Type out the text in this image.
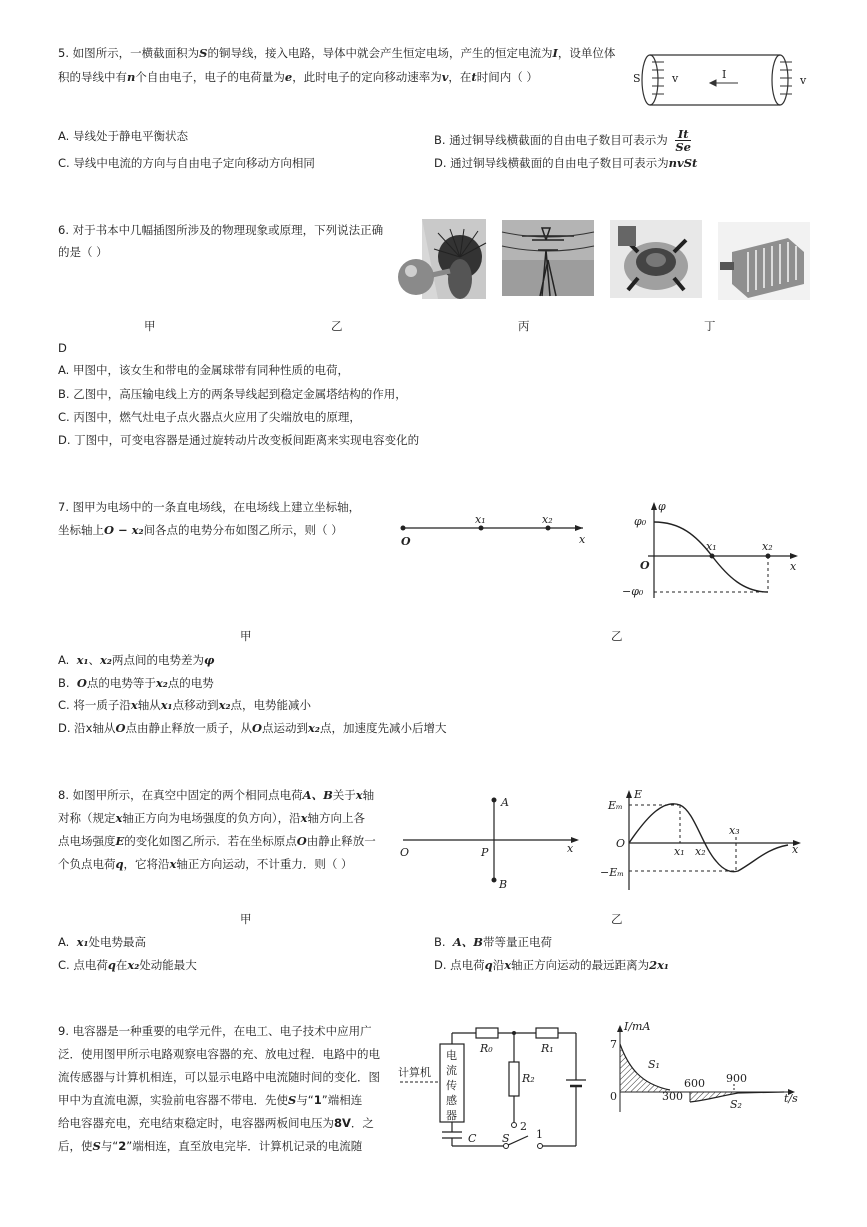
5. 如图所示，一横截面积为S的铜导线，接入电路，导体中就会产生恒定电场，产生的恒定电流为I，设单位体
积的导线中有n个自由电子，电子的电荷量为e，此时电子的定向移动速率为v，在t时间内（ ）	S	v	I	v
A. 导线处于静电平衡状态	B. 通过铜导线横截面的自由电子数目可表示为 $\frac{It}{Se}$
C. 导线中电流的方向与自由电子定向移动方向相同	D. 通过铜导线横截面的自由电子数目可表示为nvSt
6. 对于书本中几幅插图所涉及的物理现象或原理，下列说法正确
的是（ ）
甲	乙	丙	丁
D
A. 甲图中，该女生和带电的金属球带有同种性质的电荷，
B. 乙图中，高压输电线上方的两条导线起到稳定金属塔结构的作用，
C. 丙图中，燃气灶电子点火器点火应用了尖端放电的原理，
D. 丁图中，可变电容器是通过旋转动片改变板间距离来实现电容变化的
7. 图甲为电场中的一条直电场线，在电场线上建立坐标轴，
坐标轴上O − x₂间各点的电势分布如图乙所示，则（ ）
O
x₁	x₂
x
φ
φ₀
O
x₁	x₂
x
−φ₀
甲	乙
A. x₁、x₂两点间的电势差为φ
B. O点的电势等于x₂点的电势
C. 将一质子沿x轴从x₁点移动到x₂点，电势能减小
D. 沿x轴从O点由静止释放一质子，从O点运动到x₂点，加速度先减小后增大
8. 如图甲所示，在真空中固定的两个相同点电荷A、B关于x轴
对称（规定x轴正方向为电场强度的负方向），沿x轴方向上各
点电场强度E的变化如图乙所示．若在坐标原点O由静止释放一
个负点电荷q，它将沿x轴正方向运动，不计重力．则（ ）
A
B
O	P	x
E
Eₘ
O
x₁ x₂
x₃
x
−Eₘ
甲	乙
A. x₁处电势最高	B. A、B带等量正电荷
C. 点电荷q在x₂处动能最大	D. 点电荷q沿x轴正方向运动的最远距离为2x₁
9. 电容器是一种重要的电学元件，在电工、电子技术中应用广
泛．使用图甲所示电路观察电容器的充、放电过程．电路中的电
流传感器与计算机相连，可以显示电路中电流随时间的变化．图
甲中为直流电源，实验前电容器不带电．先使S与“1”端相连
给电容器充电，充电结束稳定时，电容器两板间电压为8V．之
后，使S与“2”端相连，直至放电完毕．计算机记录的电流随
计算机
电
流
传
感
器
R₀	R₁
R₂
C S
2
1
I/mA
7
0	300
600 900
t/s
S₁
S₂
